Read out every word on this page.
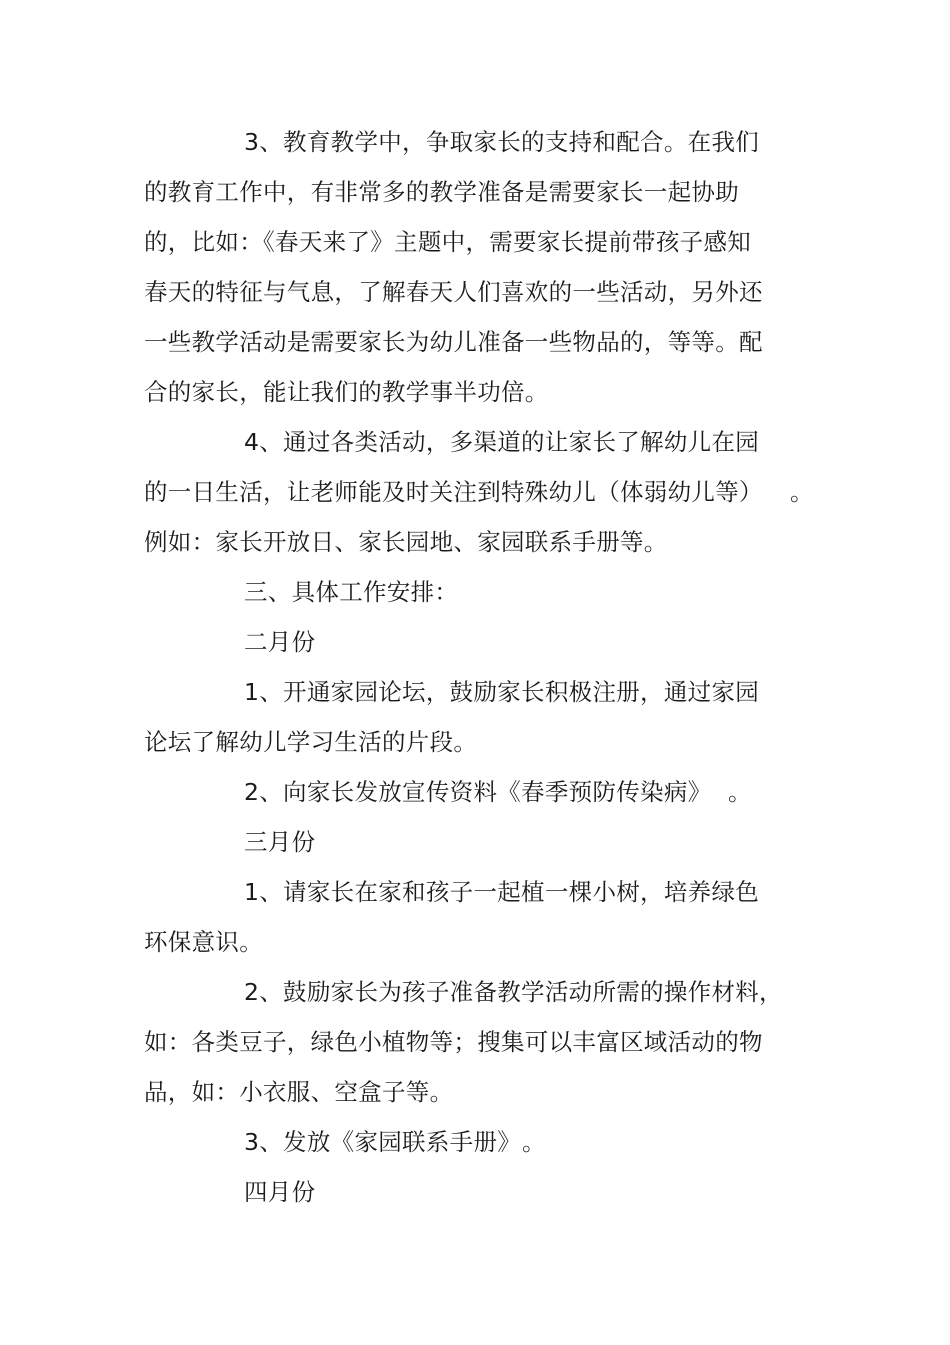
3、教育教学中，争取家长的支持和配合。在我们
的教育工作中，有非常多的教学准备是需要家长一起协助
的，比如：《春天来了》主题中，需要家长提前带孩子感知
春天的特征与气息，了解春天人们喜欢的一些活动，另外还
一些教学活动是需要家长为幼儿准备一些物品的，等等。配
合的家长，能让我们的教学事半功倍。
4、通过各类活动，多渠道的让家长了解幼儿在园
的一日生活，让老师能及时关注到特殊幼儿（体弱幼儿等） 。
例如：家长开放日、家长园地、家园联系手册等。
三、具体工作安排：
二月份
1、开通家园论坛，鼓励家长积极注册，通过家园
论坛了解幼儿学习生活的片段。
2、向家长发放宣传资料《春季预防传染病》 。
三月份
1、请家长在家和孩子一起植一棵小树，培养绿色
环保意识。
2、鼓励家长为孩子准备教学活动所需的操作材料，
如：各类豆子，绿色小植物等；搜集可以丰富区域活动的物
品，如：小衣服、空盒子等。
3、发放《家园联系手册》 。
四月份
